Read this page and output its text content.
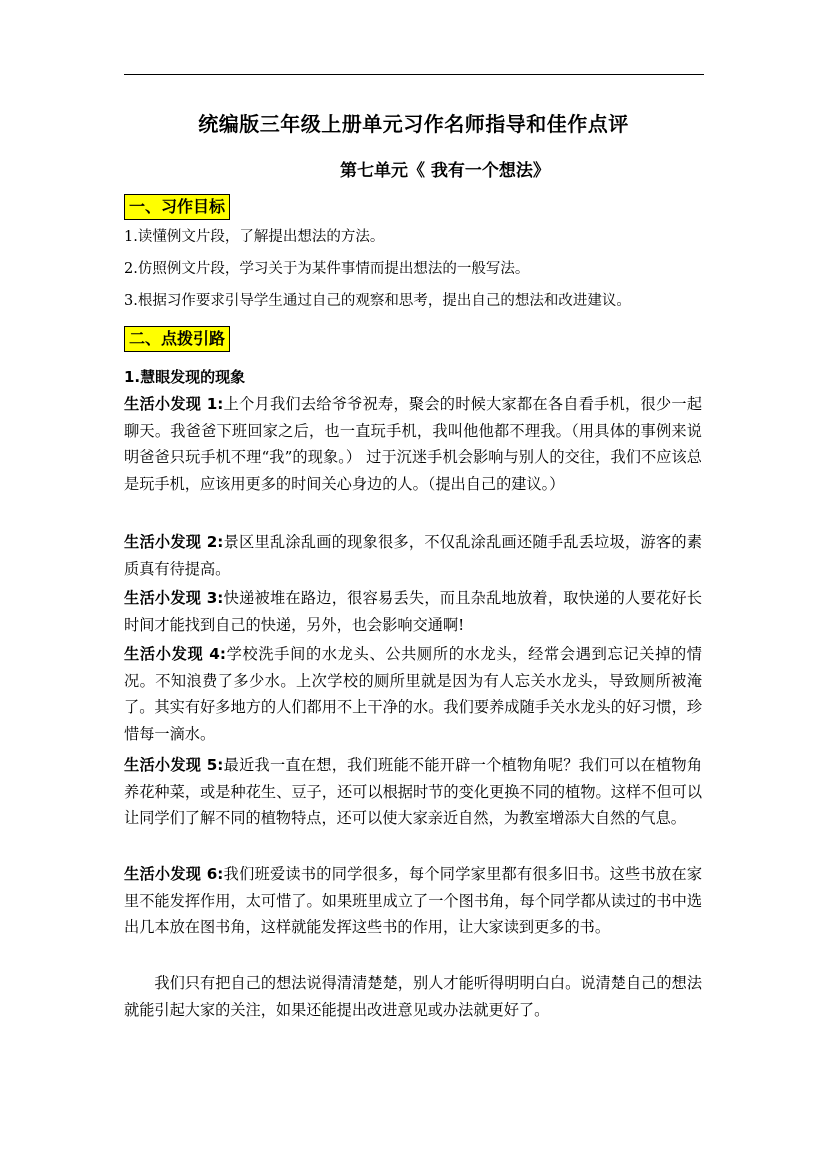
统编版三年级上册单元习作名师指导和佳作点评
第七单元《 我有一个想法》
一、习作目标
1.读懂例文片段，了解提出想法的方法。
2.仿照例文片段，学习关于为某件事情而提出想法的一般写法。
3.根据习作要求引导学生通过自己的观察和思考，提出自己的想法和改进建议。
二、点拨引路
1.慧眼发现的现象
生活小发现 1:上个月我们去给爷爷祝寿，聚会的时候大家都在各自看手机，很少一起聊天。我爸爸下班回家之后，也一直玩手机，我叫他他都不理我。（用具体的事例来说明爸爸只玩手机不理“我”的现象。） 过于沉迷手机会影响与别人的交往，我们不应该总是玩手机，应该用更多的时间关心身边的人。（提出自己的建议。）
生活小发现 2:景区里乱涂乱画的现象很多，不仅乱涂乱画还随手乱丢垃圾，游客的素质真有待提高。
生活小发现 3:快递被堆在路边，很容易丢失，而且杂乱地放着，取快递的人要花好长时间才能找到自己的快递，另外，也会影响交通啊!
生活小发现 4:学校洗手间的水龙头、公共厕所的水龙头，经常会遇到忘记关掉的情况。不知浪费了多少水。上次学校的厕所里就是因为有人忘关水龙头，导致厕所被淹了。其实有好多地方的人们都用不上干净的水。我们要养成随手关水龙头的好习惯，珍惜每一滴水。
生活小发现 5:最近我一直在想，我们班能不能开辟一个植物角呢？我们可以在植物角养花种菜，或是种花生、豆子，还可以根据时节的变化更换不同的植物。这样不但可以让同学们了解不同的植物特点，还可以使大家亲近自然，为教室增添大自然的气息。
生活小发现 6:我们班爱读书的同学很多，每个同学家里都有很多旧书。这些书放在家里不能发挥作用，太可惜了。如果班里成立了一个图书角，每个同学都从读过的书中选出几本放在图书角，这样就能发挥这些书的作用，让大家读到更多的书。
我们只有把自己的想法说得清清楚楚，别人才能听得明明白白。说清楚自己的想法就能引起大家的关注，如果还能提出改进意见或办法就更好了。
